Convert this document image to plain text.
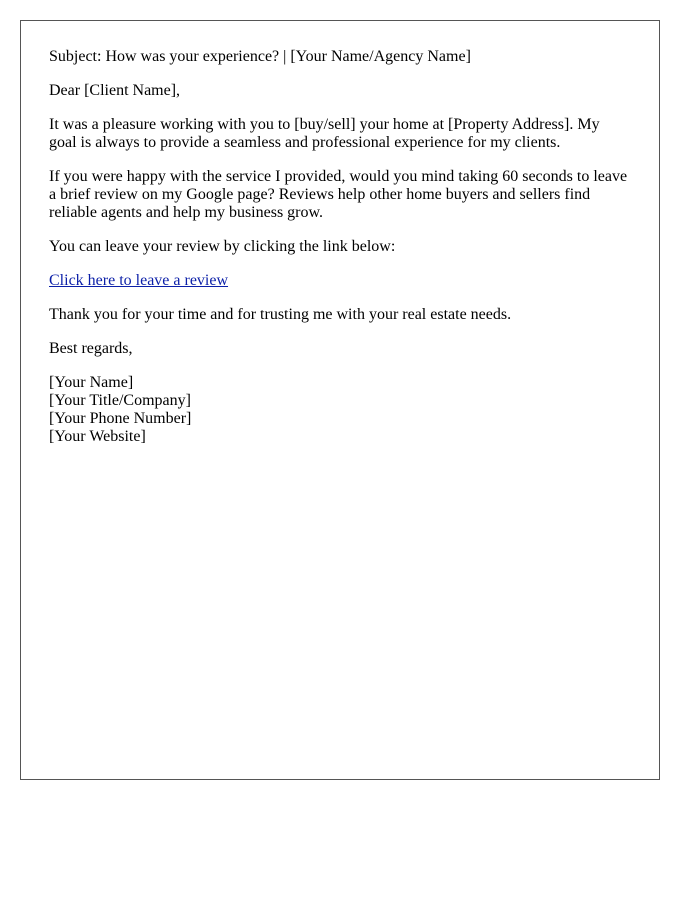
Subject: How was your experience? | [Your Name/Agency Name]

Dear [Client Name],

It was a pleasure working with you to [buy/sell] your home at [Property Address]. My goal is always to provide a seamless and professional experience for my clients.

If you were happy with the service I provided, would you mind taking 60 seconds to leave a brief review on my Google page? Reviews help other home buyers and sellers find reliable agents and help my business grow.

You can leave your review by clicking the link below:

Click here to leave a review

Thank you for your time and for trusting me with your real estate needs.

Best regards,

[Your Name]
[Your Title/Company]
[Your Phone Number]
[Your Website]
